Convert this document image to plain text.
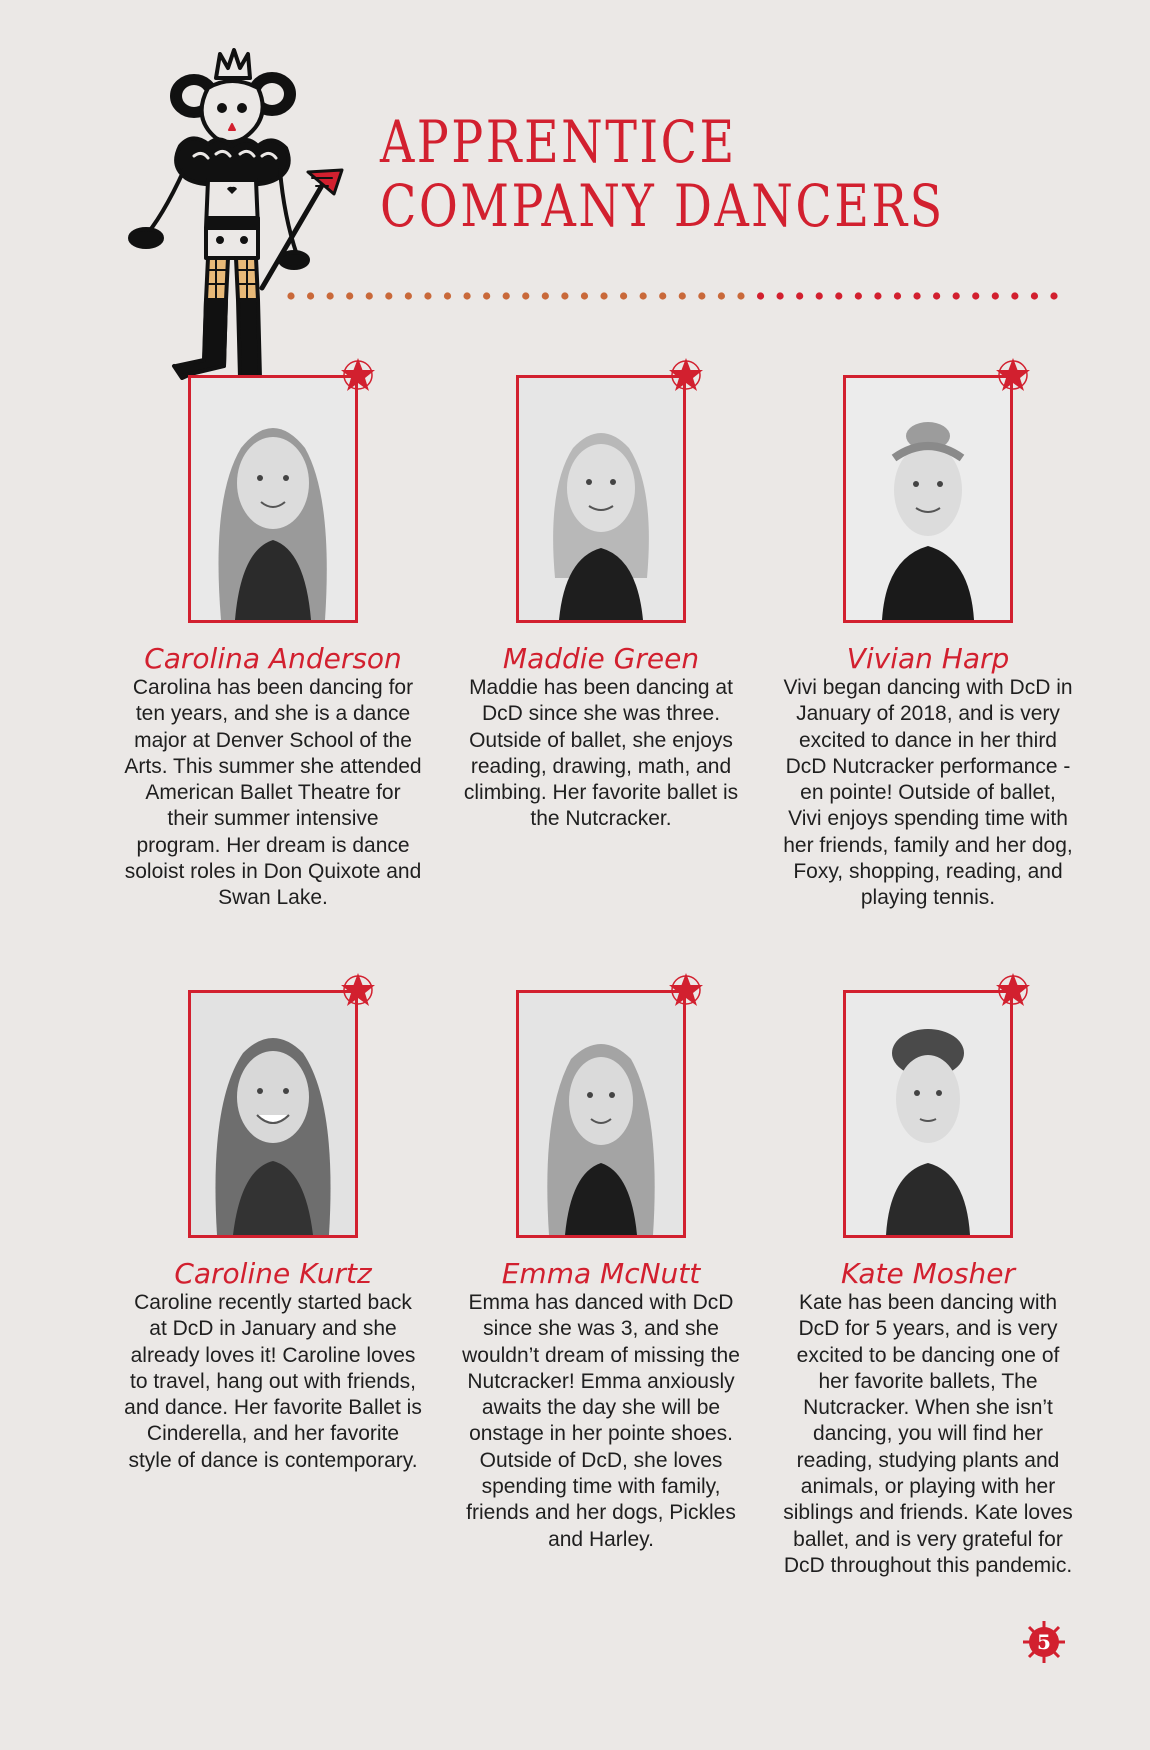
APPRENTICE
COMPANY DANCERS
Carolina Anderson
Carolina has been dancing for ten years, and she is a dance major at Denver School of the Arts. This summer she attended American Ballet Theatre for their summer intensive program. Her dream is dance soloist roles in Don Quixote and Swan Lake.
Maddie Green
Maddie has been dancing at DcD since she was three. Outside of ballet, she enjoys reading, drawing, math, and climbing. Her favorite ballet is the Nutcracker.
Vivian Harp
Vivi began dancing with DcD in January of 2018, and is very excited to dance in her third DcD Nutcracker performance - en pointe! Outside of ballet, Vivi enjoys spending time with her friends, family and her dog, Foxy, shopping, reading, and playing tennis.
Caroline Kurtz
Caroline recently started back at DcD in January and she already loves it! Caroline loves to travel, hang out with friends, and dance. Her favorite Ballet is Cinderella, and her favorite style of dance is contemporary.
Emma McNutt
Emma has danced with DcD since she was 3, and she wouldn’t dream of missing the Nutcracker! Emma anxiously awaits the day she will be onstage in her pointe shoes. Outside of DcD, she loves spending time with family, friends and her dogs, Pickles and Harley.
Kate Mosher
Kate has been dancing with DcD for 5 years, and is very excited to be dancing one of her favorite ballets, The Nutcracker. When she isn’t dancing, you will find her reading, studying plants and animals, or playing with her siblings and friends. Kate loves ballet, and is very grateful for DcD throughout this pandemic.
5
